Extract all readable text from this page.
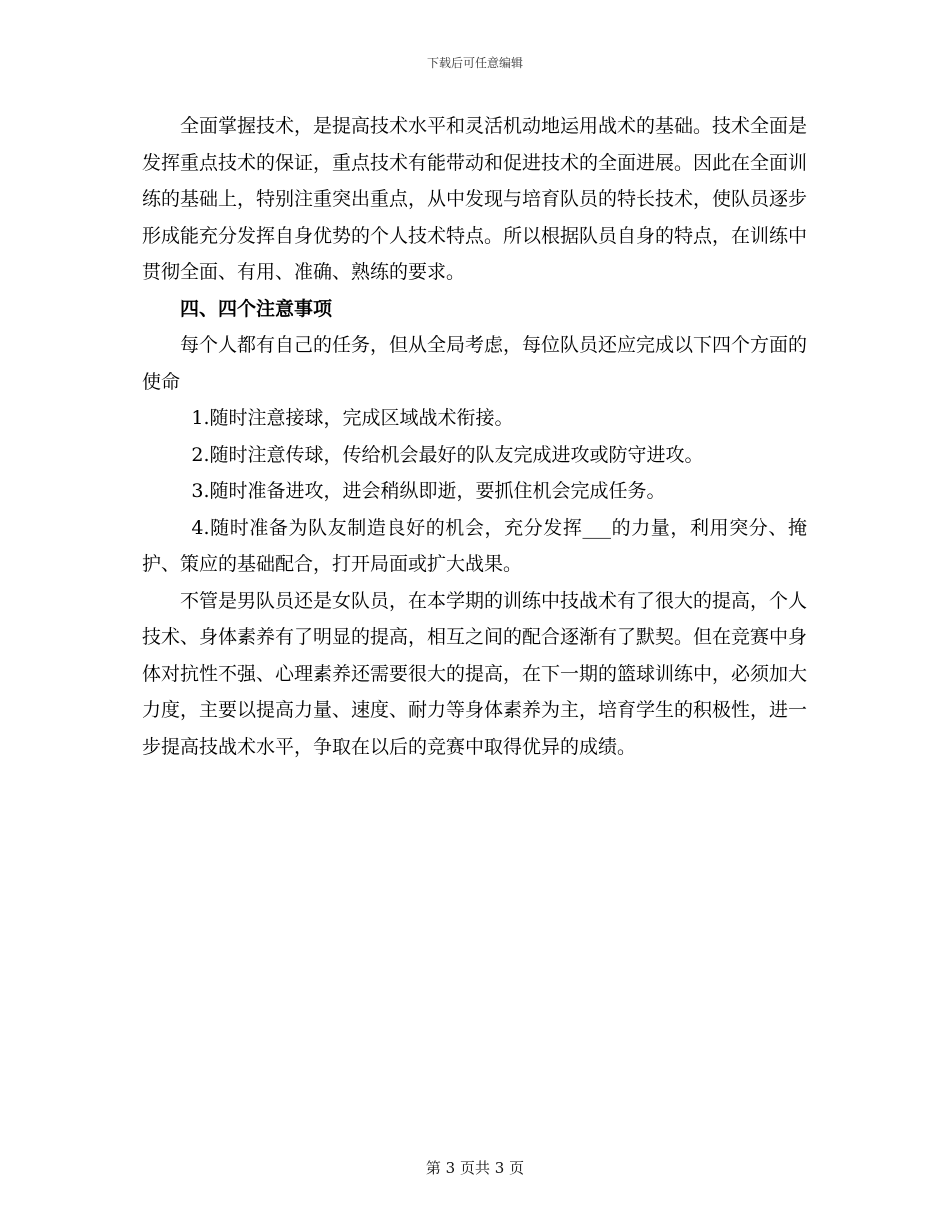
下载后可任意编辑

全面掌握技术，是提高技术水平和灵活机动地运用战术的基础。技术全面是发挥重点技术的保证，重点技术有能带动和促进技术的全面进展。因此在全面训练的基础上，特别注重突出重点，从中发现与培育队员的特长技术，使队员逐步形成能充分发挥自身优势的个人技术特点。所以根据队员自身的特点，在训练中贯彻全面、有用、准确、熟练的要求。

四、四个注意事项

每个人都有自己的任务，但从全局考虑，每位队员还应完成以下四个方面的使命

1.随时注意接球，完成区域战术衔接。

2.随时注意传球，传给机会最好的队友完成进攻或防守进攻。

3.随时准备进攻，进会稍纵即逝，要抓住机会完成任务。

4.随时准备为队友制造良好的机会，充分发挥___的力量，利用突分、掩护、策应的基础配合，打开局面或扩大战果。

不管是男队员还是女队员，在本学期的训练中技战术有了很大的提高，个人技术、身体素养有了明显的提高，相互之间的配合逐渐有了默契。但在竞赛中身体对抗性不强、心理素养还需要很大的提高，在下一期的篮球训练中，必须加大力度，主要以提高力量、速度、耐力等身体素养为主，培育学生的积极性，进一步提高技战术水平，争取在以后的竞赛中取得优异的成绩。

第 3 页共 3 页
